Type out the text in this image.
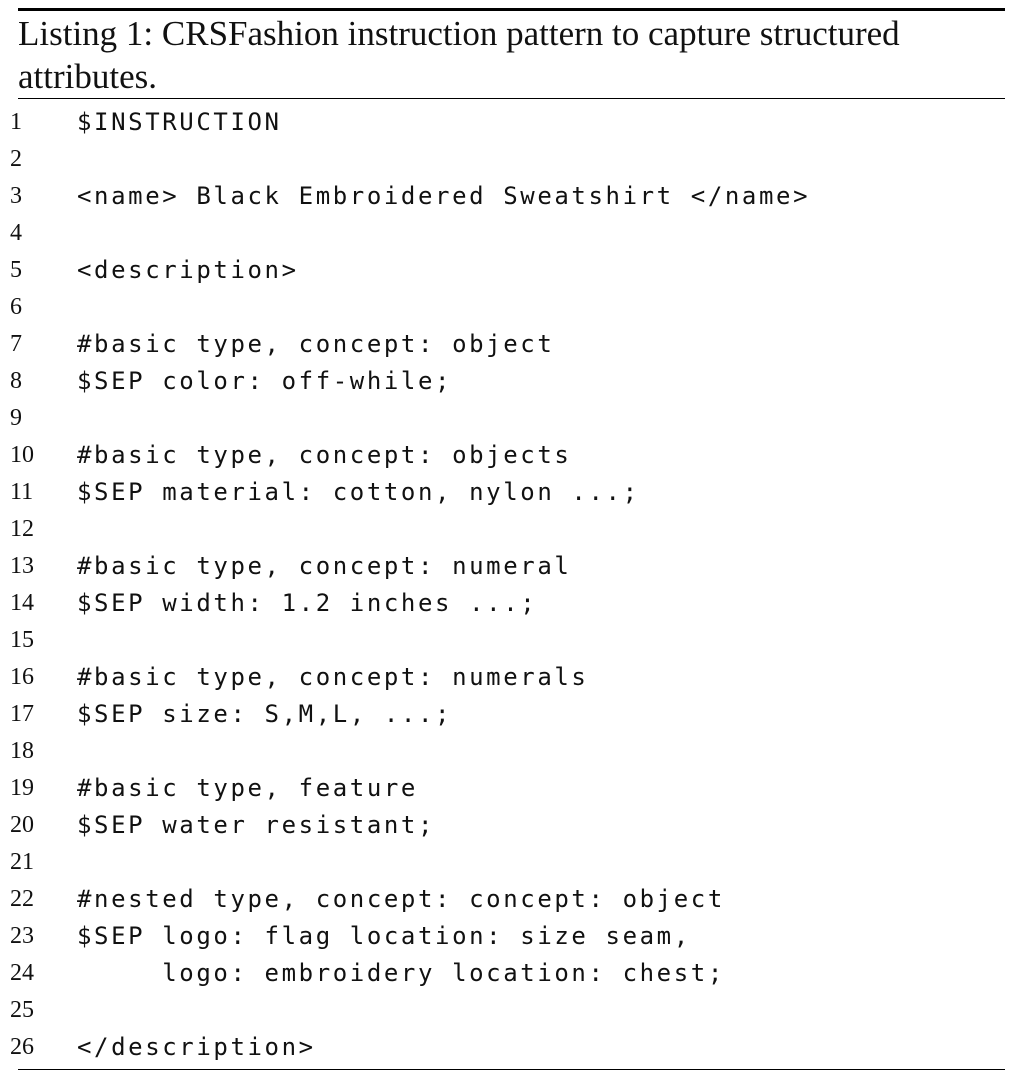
Listing 1: CRSFashion instruction pattern to capture structured attributes.
1	$INSTRUCTION
2
3	<name> Black Embroidered Sweatshirt </name>
4
5	<description>
6
7	#basic type, concept: object
8	$SEP color: off-while;
9
10	#basic type, concept: objects
11	$SEP material: cotton, nylon ...;
12
13	#basic type, concept: numeral
14	$SEP width: 1.2 inches ...;
15
16	#basic type, concept: numerals
17	$SEP size: S,M,L, ...;
18
19	#basic type, feature
20	$SEP water resistant;
21
22	#nested type, concept: concept: object
23	$SEP logo: flag location: size seam,
24	logo: embroidery location: chest;
25
26	</description>
